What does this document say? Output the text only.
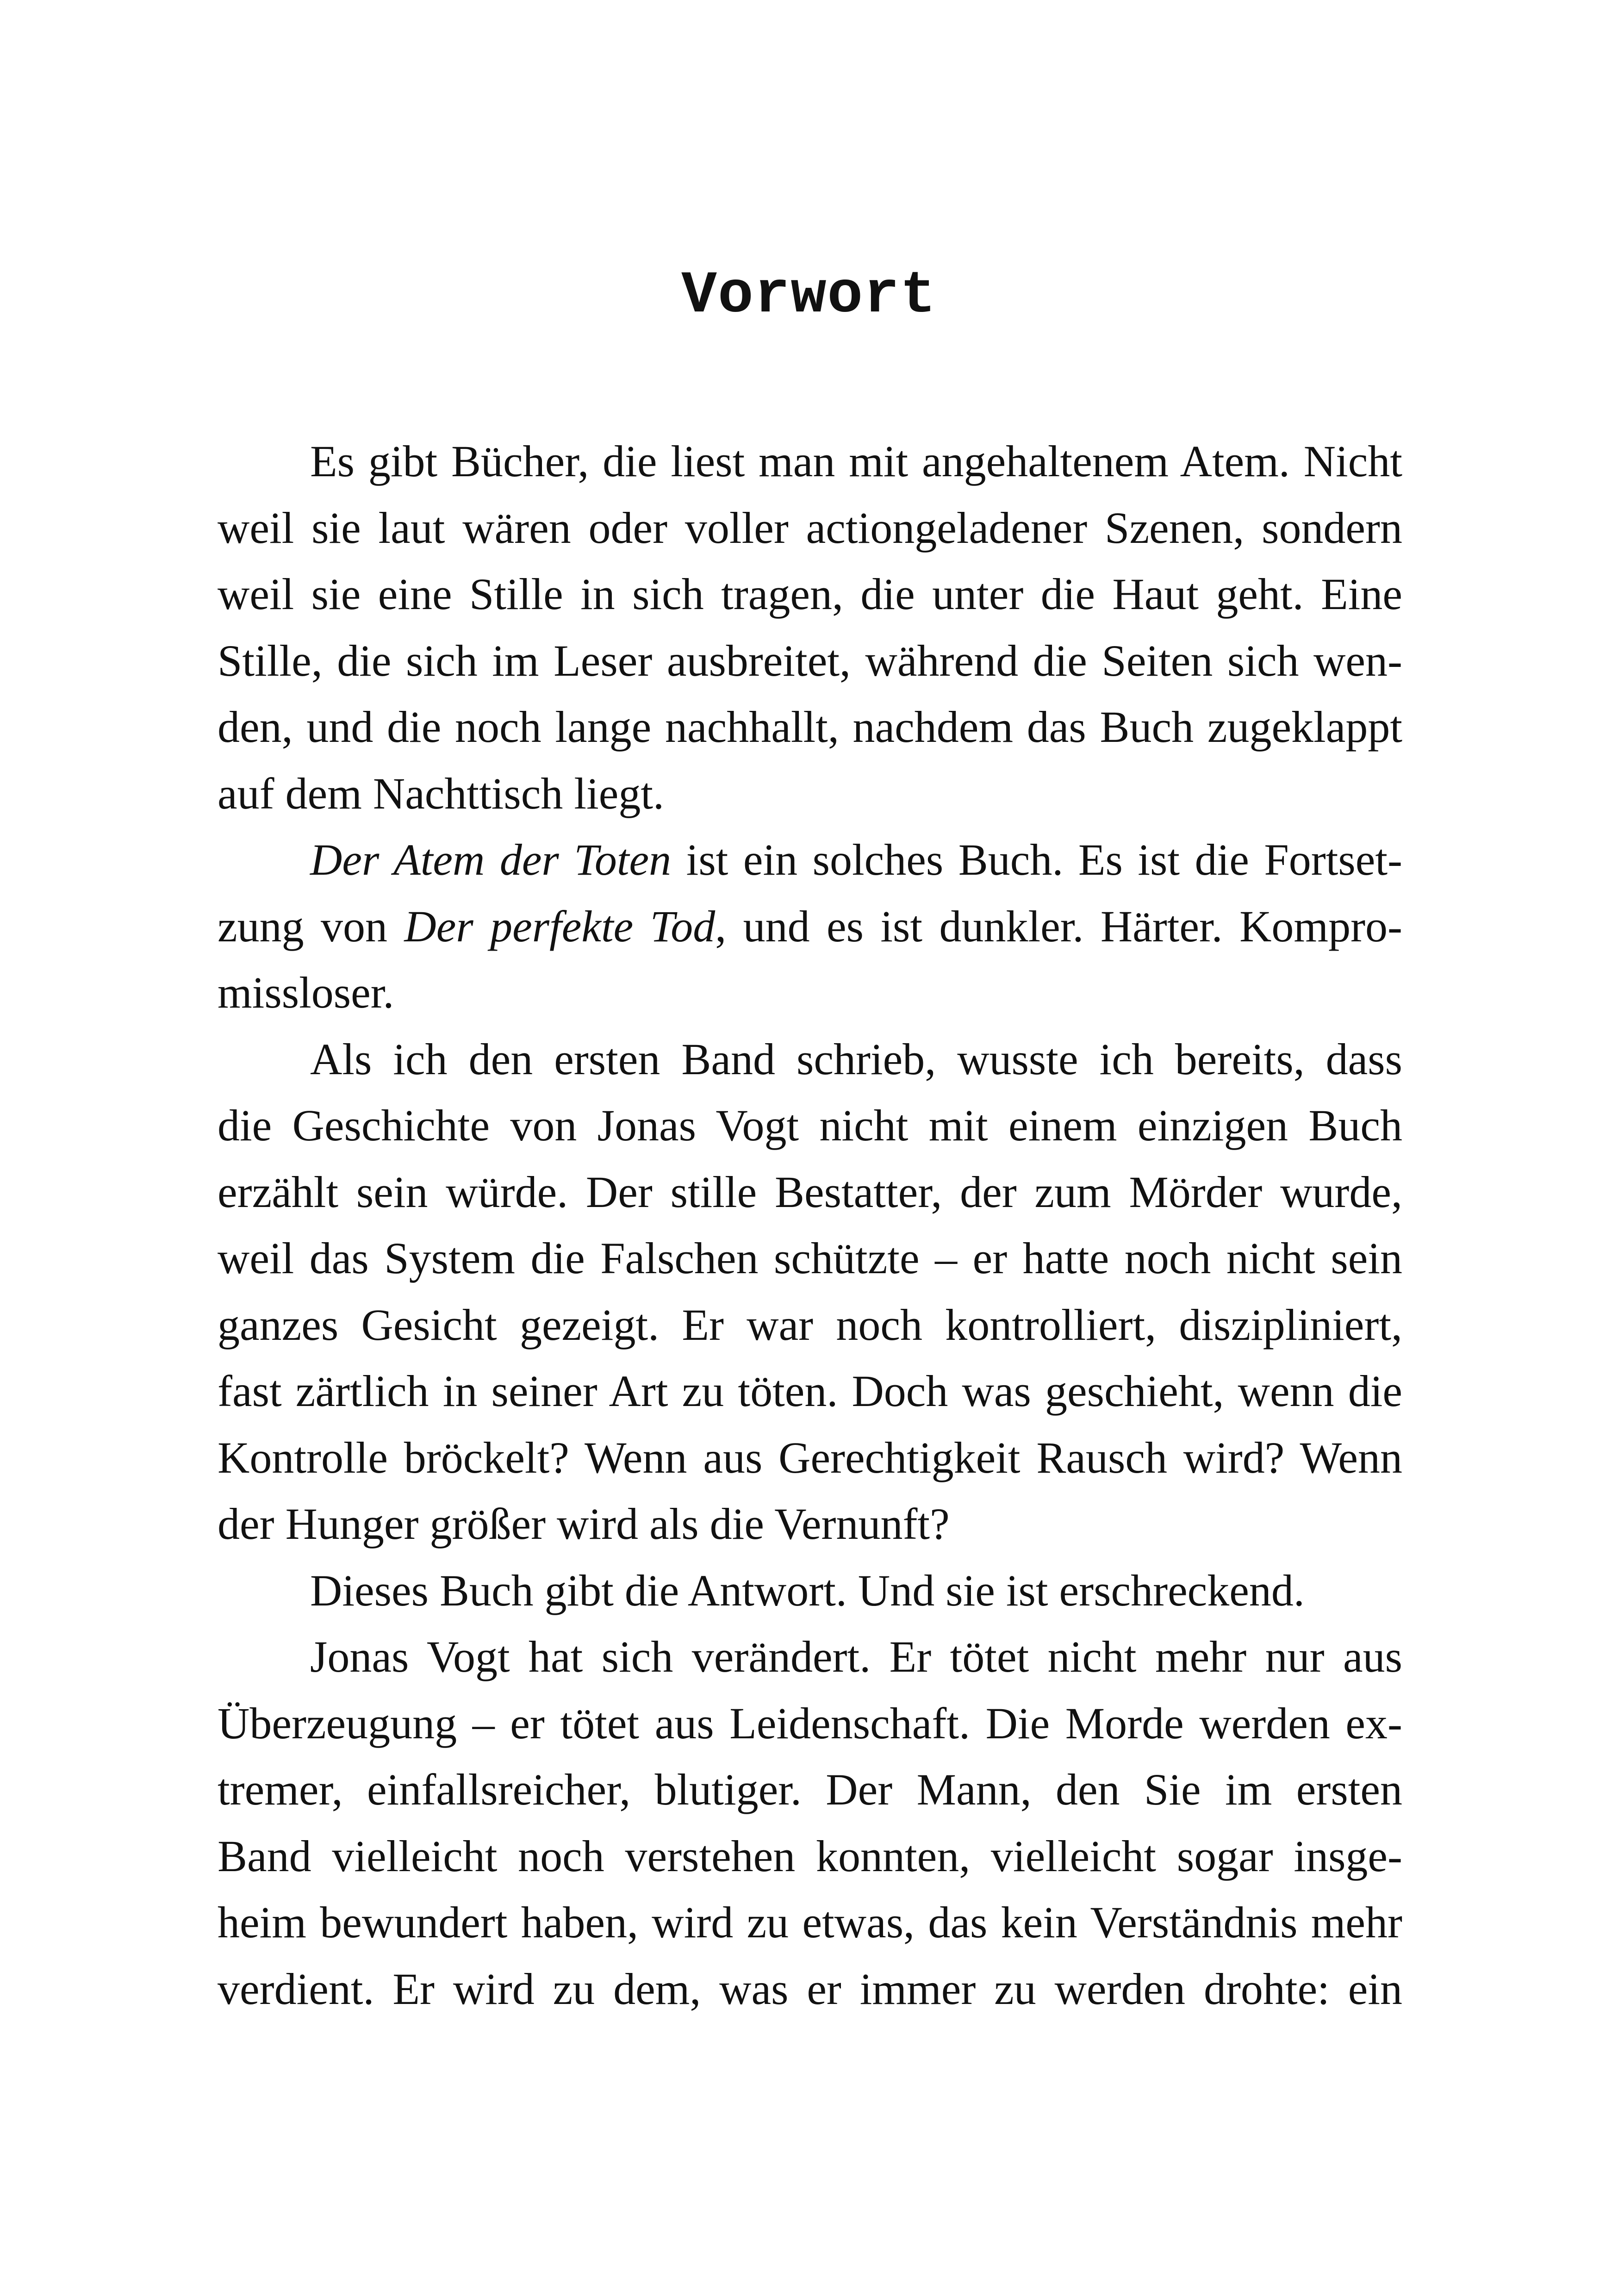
Vorwort
Es gibt Bücher, die liest man mit angehaltenem Atem. Nicht
weil sie laut wären oder voller actiongeladener Szenen, sondern
weil sie eine Stille in sich tragen, die unter die Haut geht. Eine
Stille, die sich im Leser ausbreitet, während die Seiten sich wen-
den, und die noch lange nachhallt, nachdem das Buch zugeklappt
auf dem Nachttisch liegt.
Der Atem der Toten ist ein solches Buch. Es ist die Fortset-
zung von Der perfekte Tod, und es ist dunkler. Härter. Kompro-
missloser.
Als ich den ersten Band schrieb, wusste ich bereits, dass
die Geschichte von Jonas Vogt nicht mit einem einzigen Buch
erzählt sein würde. Der stille Bestatter, der zum Mörder wurde,
weil das System die Falschen schützte – er hatte noch nicht sein
ganzes Gesicht gezeigt. Er war noch kontrolliert, diszipliniert,
fast zärtlich in seiner Art zu töten. Doch was geschieht, wenn die
Kontrolle bröckelt? Wenn aus Gerechtigkeit Rausch wird? Wenn
der Hunger größer wird als die Vernunft?
Dieses Buch gibt die Antwort. Und sie ist erschreckend.
Jonas Vogt hat sich verändert. Er tötet nicht mehr nur aus
Überzeugung – er tötet aus Leidenschaft. Die Morde werden ex-
tremer, einfallsreicher, blutiger. Der Mann, den Sie im ersten
Band vielleicht noch verstehen konnten, vielleicht sogar insge-
heim bewundert haben, wird zu etwas, das kein Verständnis mehr
verdient. Er wird zu dem, was er immer zu werden drohte: ein
